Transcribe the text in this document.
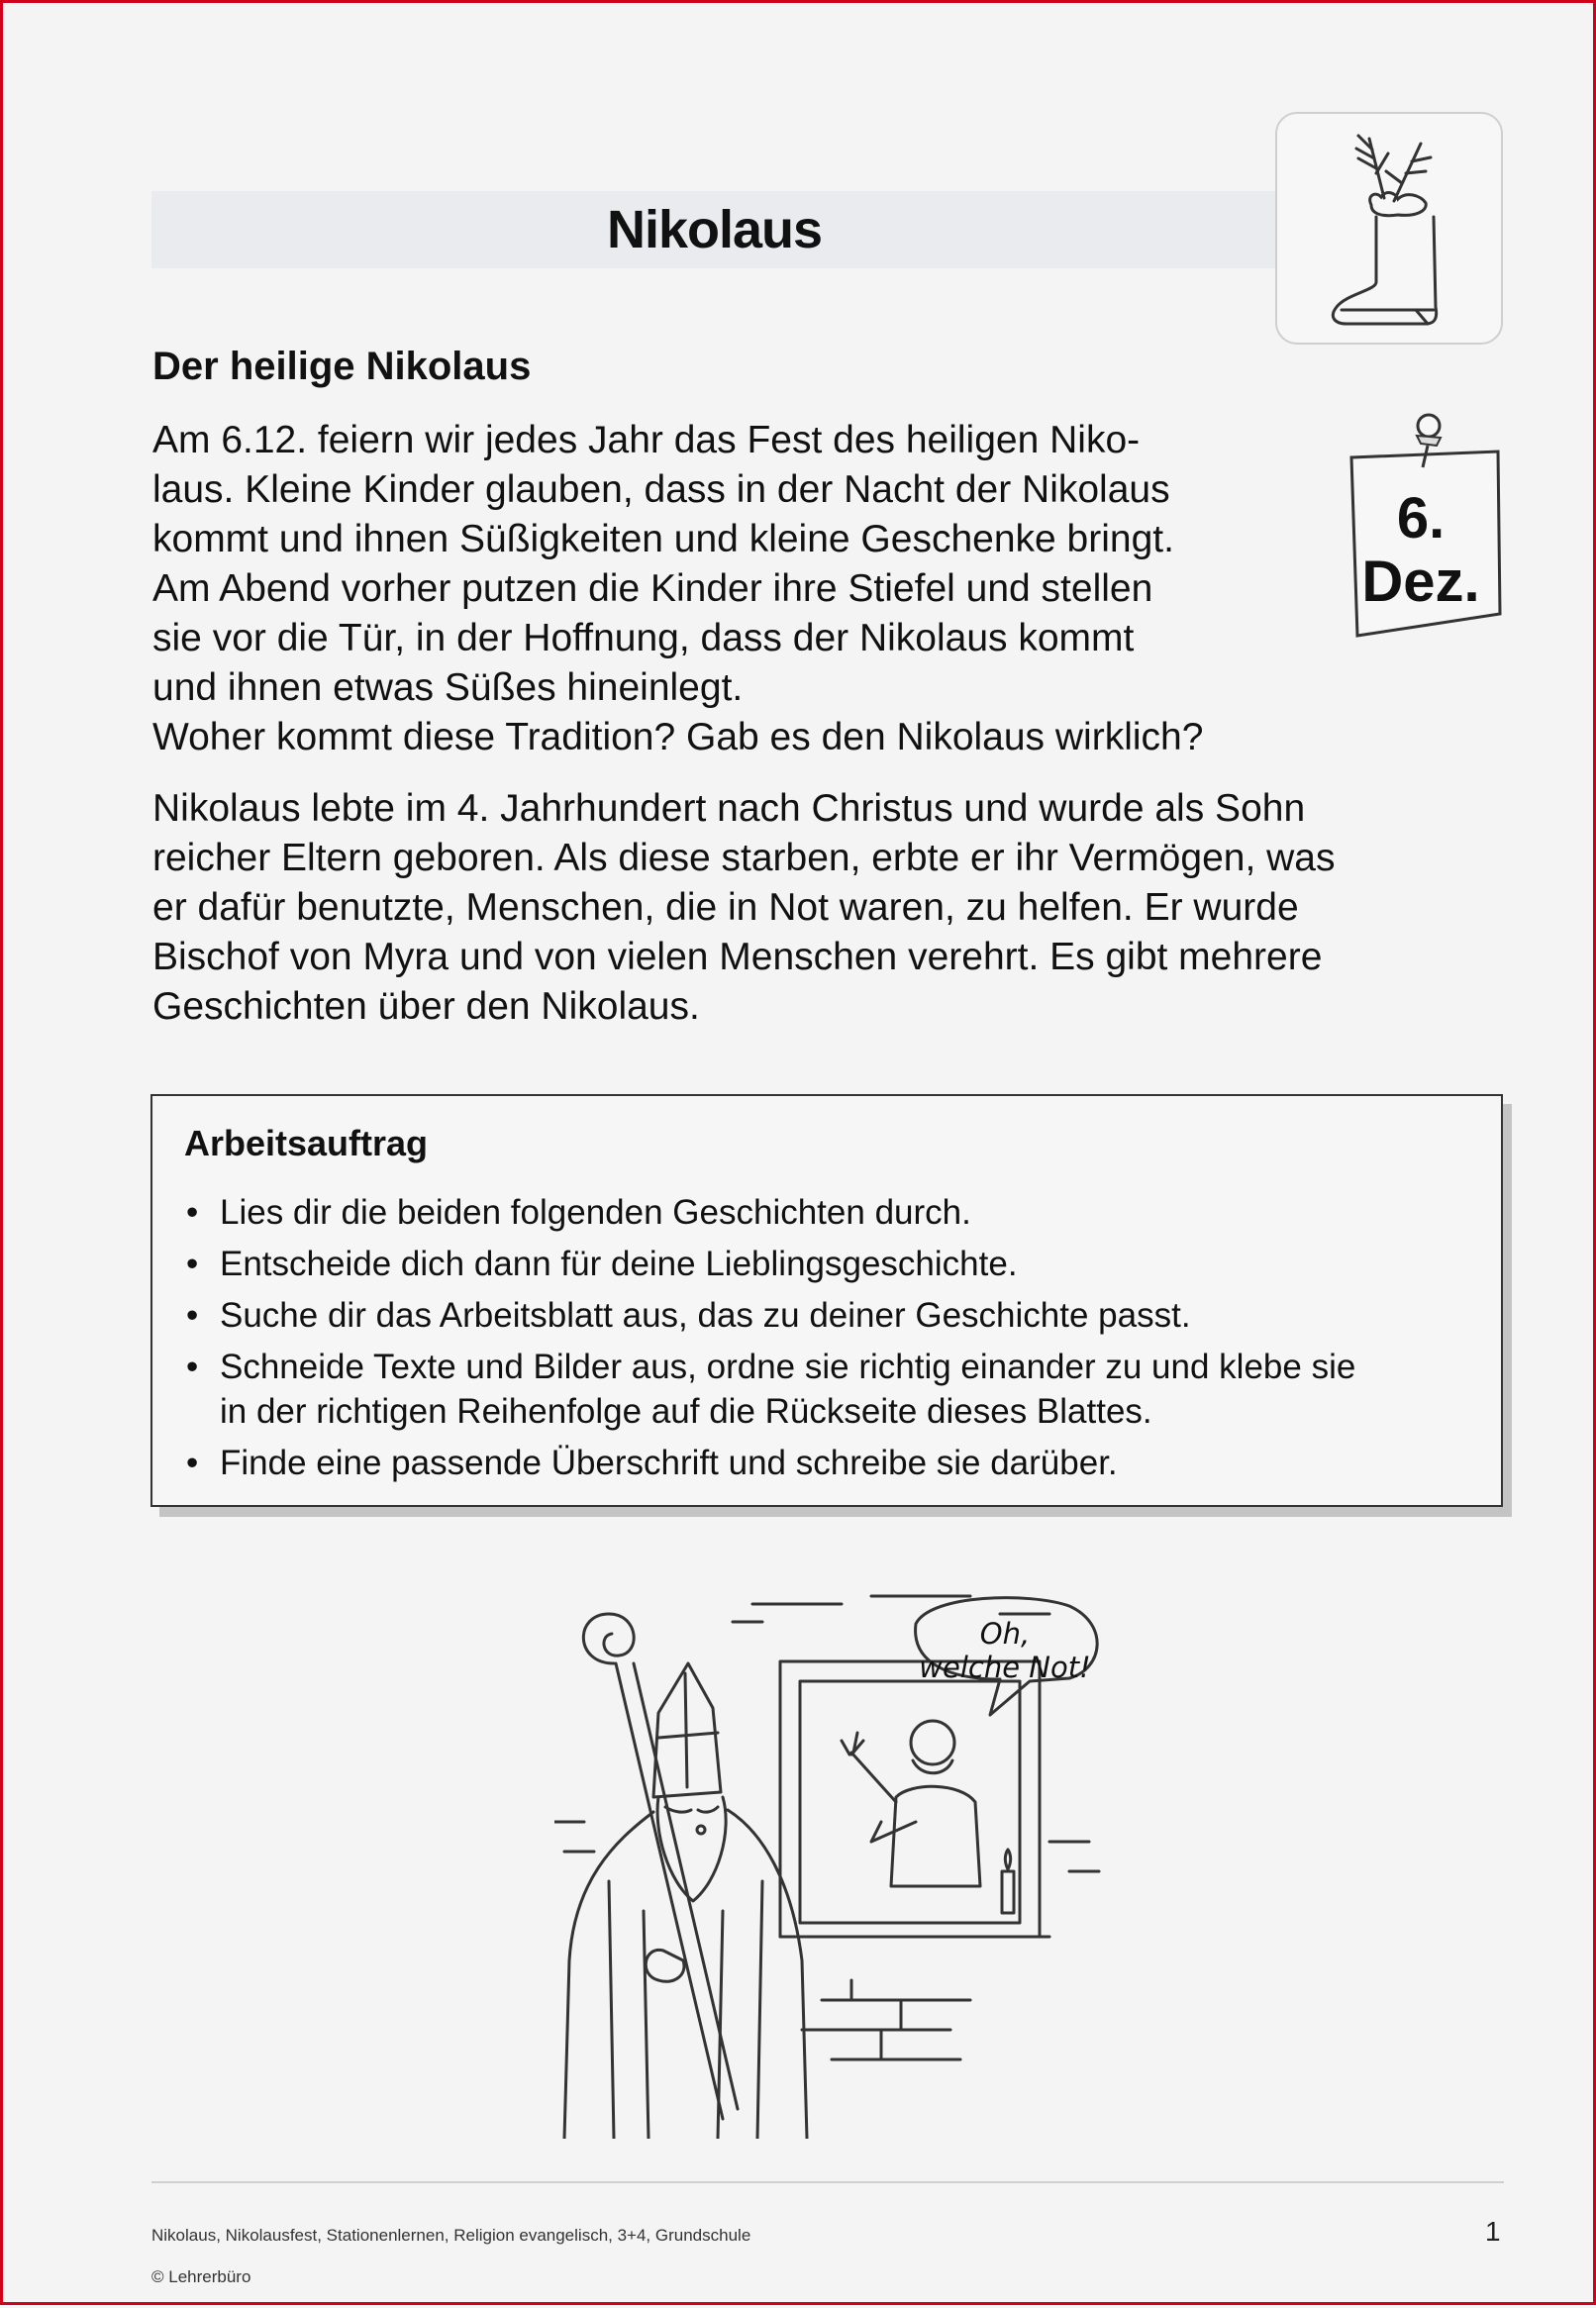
Nikolaus
Der heilige Nikolaus
Am 6.12. feiern wir jedes Jahr das Fest des heiligen Niko-
laus. Kleine Kinder glauben, dass in der Nacht der Nikolaus
kommt und ihnen Süßigkeiten und kleine Geschenke bringt.
Am Abend vorher putzen die Kinder ihre Stiefel und stellen
sie vor die Tür, in der Hoffnung, dass der Nikolaus kommt
und ihnen etwas Süßes hineinlegt.
Woher kommt diese Tradition? Gab es den Nikolaus wirklich?
6.
Dez.
Nikolaus lebte im 4. Jahrhundert nach Christus und wurde als Sohn
reicher Eltern geboren. Als diese starben, erbte er ihr Vermögen, was
er dafür benutzte, Menschen, die in Not waren, zu helfen. Er wurde
Bischof von Myra und von vielen Menschen verehrt. Es gibt mehrere
Geschichten über den Nikolaus.
Arbeitsauftrag
• Lies dir die beiden folgenden Geschichten durch.
• Entscheide dich dann für deine Lieblingsgeschichte.
• Suche dir das Arbeitsblatt aus, das zu deiner Geschichte passt.
• Schneide Texte und Bilder aus, ordne sie richtig einander zu und klebe sie
in der richtigen Reihenfolge auf die Rückseite dieses Blattes.
• Finde eine passende Überschrift und schreibe sie darüber.
Oh,
welche Not!

Nikolaus, Nikolausfest, Stationenlernen, Religion evangelisch, 3+4, Grundschule

© Lehrerbüro

1
